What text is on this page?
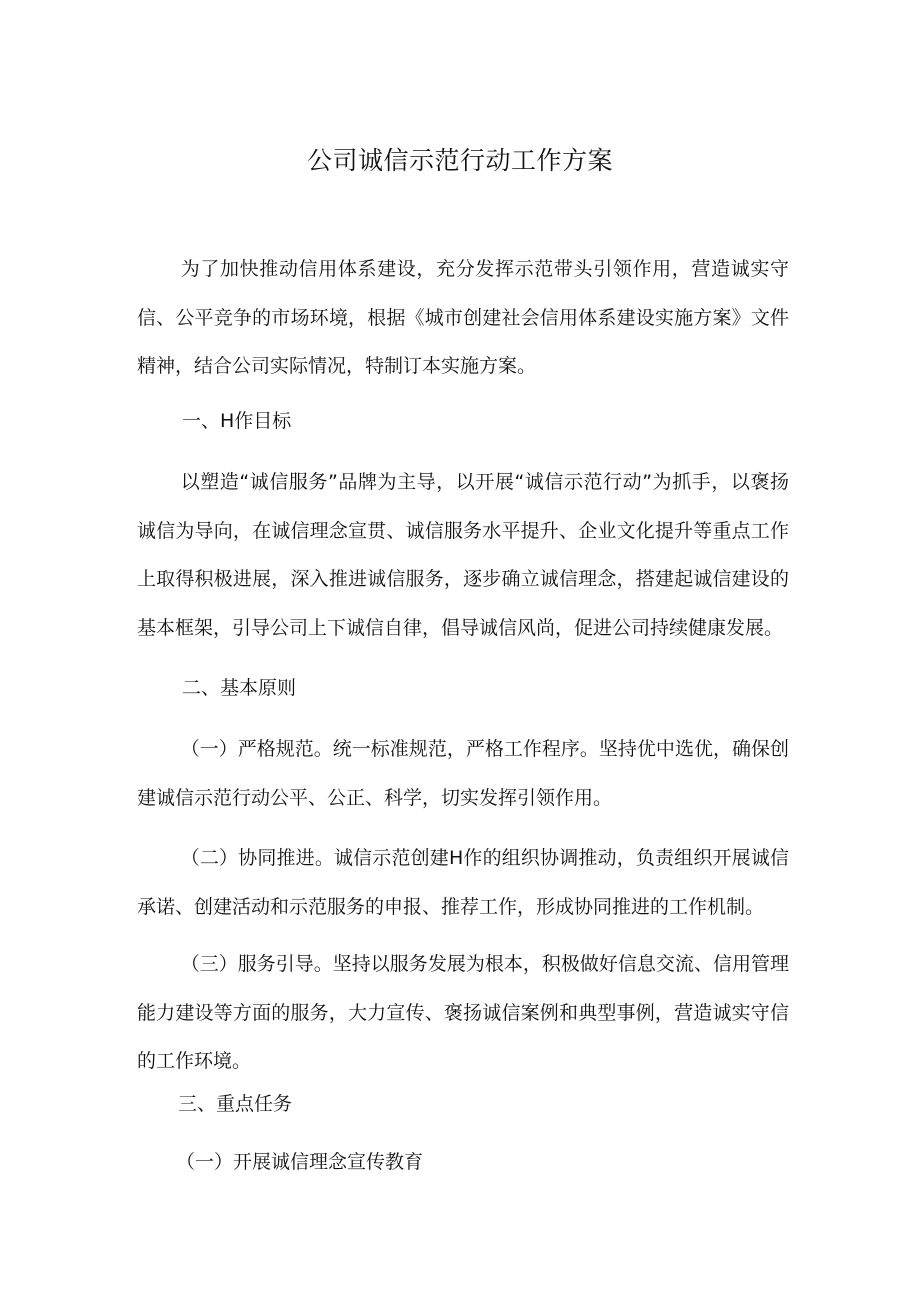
公司诚信示范行动工作方案

为了加快推动信用体系建设，充分发挥示范带头引领作用，营造诚实守信、公平竞争的市场环境，根据《城市创建社会信用体系建设实施方案》文件精神，结合公司实际情况，特制订本实施方案。

一、H作目标

以塑造“诚信服务”品牌为主导，以开展“诚信示范行动”为抓手，以褒扬诚信为导向，在诚信理念宣贯、诚信服务水平提升、企业文化提升等重点工作上取得积极进展，深入推进诚信服务，逐步确立诚信理念，搭建起诚信建设的基本框架，引导公司上下诚信自律，倡导诚信风尚，促进公司持续健康发展。

二、基本原则

（一）严格规范。统一标准规范，严格工作程序。坚持优中选优，确保创建诚信示范行动公平、公正、科学，切实发挥引领作用。

（二）协同推进。诚信示范创建H作的组织协调推动，负责组织开展诚信承诺、创建活动和示范服务的申报、推荐工作，形成协同推进的工作机制。

（三）服务引导。坚持以服务发展为根本，积极做好信息交流、信用管理能力建设等方面的服务，大力宣传、褒扬诚信案例和典型事例，营造诚实守信的工作环境。

三、重点任务

（一）开展诚信理念宣传教育
